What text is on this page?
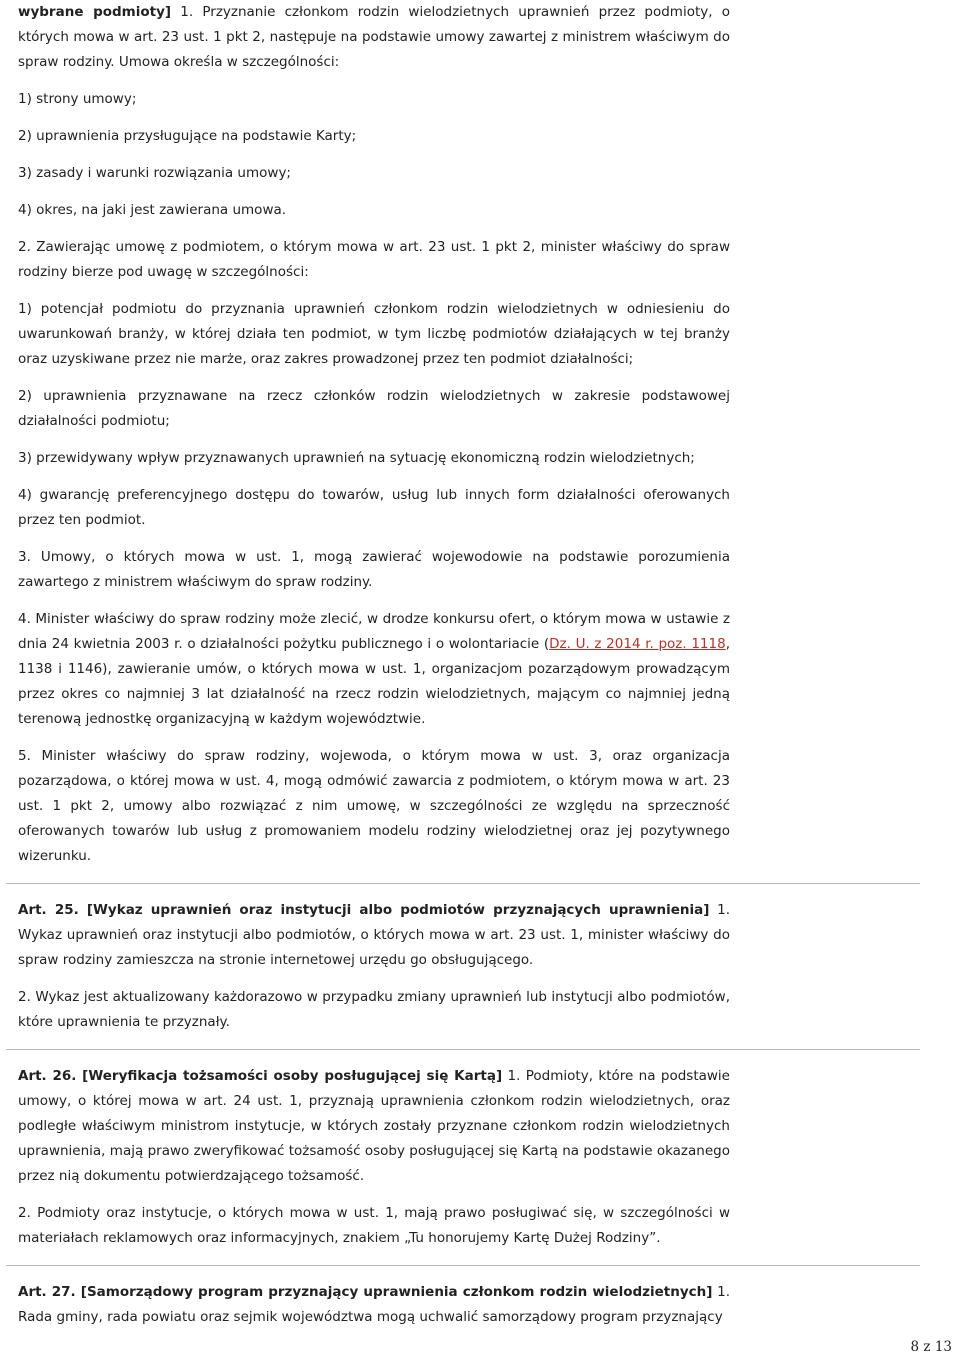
wybrane podmioty] 1. Przyznanie członkom rodzin wielodzietnych uprawnień przez podmioty, o których mowa w art. 23 ust. 1 pkt 2, następuje na podstawie umowy zawartej z ministrem właściwym do spraw rodziny. Umowa określa w szczególności:

1) strony umowy;

2) uprawnienia przysługujące na podstawie Karty;

3) zasady i warunki rozwiązania umowy;

4) okres, na jaki jest zawierana umowa.

2. Zawierając umowę z podmiotem, o którym mowa w art. 23 ust. 1 pkt 2, minister właściwy do spraw rodziny bierze pod uwagę w szczególności:

1) potencjał podmiotu do przyznania uprawnień członkom rodzin wielodzietnych w odniesieniu do uwarunkowań branży, w której działa ten podmiot, w tym liczbę podmiotów działających w tej branży oraz uzyskiwane przez nie marże, oraz zakres prowadzonej przez ten podmiot działalności;

2) uprawnienia przyznawane na rzecz członków rodzin wielodzietnych w zakresie podstawowej działalności podmiotu;

3) przewidywany wpływ przyznawanych uprawnień na sytuację ekonomiczną rodzin wielodzietnych;

4) gwarancję preferencyjnego dostępu do towarów, usług lub innych form działalności oferowanych przez ten podmiot.

3. Umowy, o których mowa w ust. 1, mogą zawierać wojewodowie na podstawie porozumienia zawartego z ministrem właściwym do spraw rodziny.

4. Minister właściwy do spraw rodziny może zlecić, w drodze konkursu ofert, o którym mowa w ustawie z dnia 24 kwietnia 2003 r. o działalności pożytku publicznego i o wolontariacie (Dz. U. z 2014 r. poz. 1118, 1138 i 1146), zawieranie umów, o których mowa w ust. 1, organizacjom pozarządowym prowadzącym przez okres co najmniej 3 lat działalność na rzecz rodzin wielodzietnych, mającym co najmniej jedną terenową jednostkę organizacyjną w każdym województwie.

5. Minister właściwy do spraw rodziny, wojewoda, o którym mowa w ust. 3, oraz organizacja pozarządowa, o której mowa w ust. 4, mogą odmówić zawarcia z podmiotem, o którym mowa w art. 23 ust. 1 pkt 2, umowy albo rozwiązać z nim umowę, w szczególności ze względu na sprzeczność oferowanych towarów lub usług z promowaniem modelu rodziny wielodzietnej oraz jej pozytywnego wizerunku.

Art. 25. [Wykaz uprawnień oraz instytucji albo podmiotów przyznających uprawnienia] 1. Wykaz uprawnień oraz instytucji albo podmiotów, o których mowa w art. 23 ust. 1, minister właściwy do spraw rodziny zamieszcza na stronie internetowej urzędu go obsługującego.

2. Wykaz jest aktualizowany każdorazowo w przypadku zmiany uprawnień lub instytucji albo podmiotów, które uprawnienia te przyznały.

Art. 26. [Weryfikacja tożsamości osoby posługującej się Kartą] 1. Podmioty, które na podstawie umowy, o której mowa w art. 24 ust. 1, przyznają uprawnienia członkom rodzin wielodzietnych, oraz podległe właściwym ministrom instytucje, w których zostały przyznane członkom rodzin wielodzietnych uprawnienia, mają prawo zweryfikować tożsamość osoby posługującej się Kartą na podstawie okazanego przez nią dokumentu potwierdzającego tożsamość.

2. Podmioty oraz instytucje, o których mowa w ust. 1, mają prawo posługiwać się, w szczególności w materiałach reklamowych oraz informacyjnych, znakiem „Tu honorujemy Kartę Dużej Rodziny”.

Art. 27. [Samorządowy program przyznający uprawnienia członkom rodzin wielodzietnych] 1. Rada gminy, rada powiatu oraz sejmik województwa mogą uchwalić samorządowy program przyznający

8 z 13
